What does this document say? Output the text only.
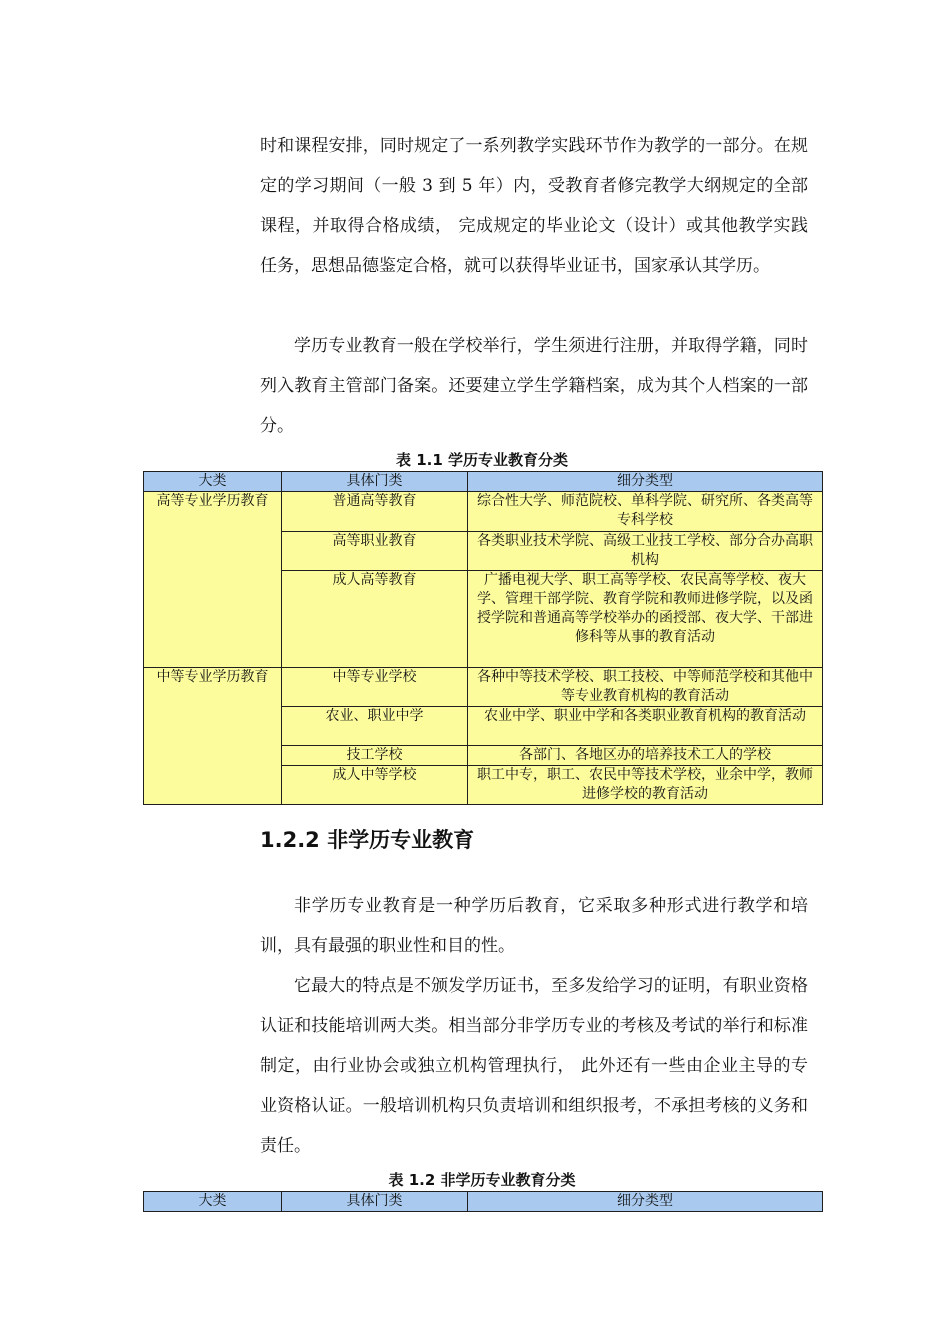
时和课程安排，同时规定了一系列教学实践环节作为教学的一部分。在规定的学习期间（一般 3 到 5 年）内，受教育者修完教学大纲规定的全部课程，并取得合格成绩， 完成规定的毕业论文（设计）或其他教学实践任务，思想品德鉴定合格，就可以获得毕业证书，国家承认其学历。

学历专业教育一般在学校举行，学生须进行注册，并取得学籍，同时列入教育主管部门备案。还要建立学生学籍档案，成为其个人档案的一部分。

表 1.1 学历专业教育分类
大类	具体门类	细分类型
高等专业学历教育	普通高等教育	综合性大学、师范院校、单科学院、研究所、各类高等专科学校
	高等职业教育	各类职业技术学院、高级工业技工学校、部分合办高职机构
	成人高等教育	广播电视大学、职工高等学校、农民高等学校、夜大学、管理干部学院、教育学院和教师进修学院，以及函授学院和普通高等学校举办的函授部、夜大学、干部进修科等从事的教育活动
中等专业学历教育	中等专业学校	各种中等技术学校、职工技校、中等师范学校和其他中等专业教育机构的教育活动
	农业、职业中学	农业中学、职业中学和各类职业教育机构的教育活动
	技工学校	各部门、各地区办的培养技术工人的学校
	成人中等学校	职工中专，职工、农民中等技术学校，业余中学，教师进修学校的教育活动
1.2.2 非学历专业教育

非学历专业教育是一种学历后教育，它采取多种形式进行教学和培训，具有最强的职业性和目的性。

它最大的特点是不颁发学历证书，至多发给学习的证明，有职业资格认证和技能培训两大类。相当部分非学历专业的考核及考试的举行和标准制定，由行业协会或独立机构管理执行， 此外还有一些由企业主导的专业资格认证。一般培训机构只负责培训和组织报考，不承担考核的义务和责任。

表 1.2 非学历专业教育分类
大类	具体门类	细分类型
